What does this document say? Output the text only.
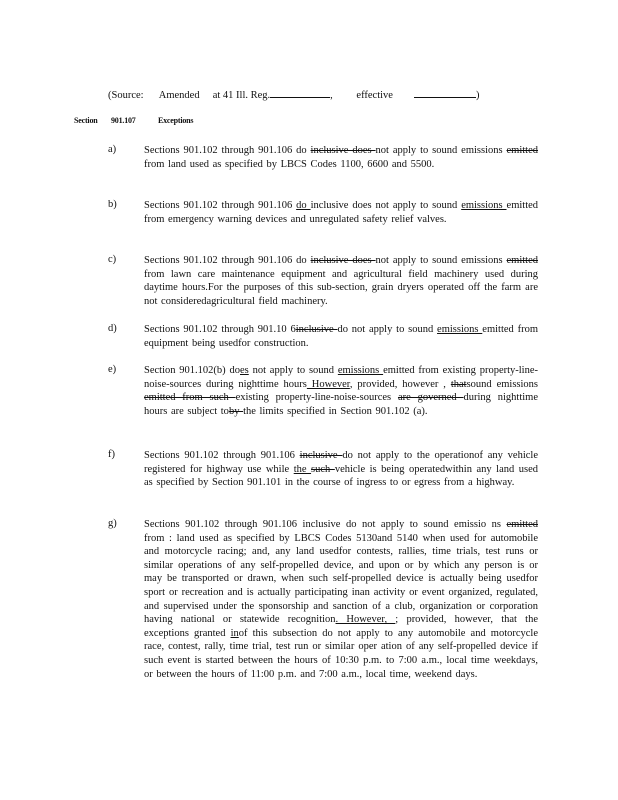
(Source: Amended at 41 Ill. Reg.	,         effective	)
Section 901.107	Exceptions
a)	Sections 901.102 through 901.106 do inclusive does not apply to sound emissions emitted from land used as specified by LBCS Codes 1100, 6600 and 5500.
b)	Sections 901.102 through 901.106 do inclusive does not apply to sound emissions emitted from emergency warning devices and unregulated safety relief valves.
c)	Sections 901.102 through 901.106 do inclusive does not apply to sound emissions emitted from lawn care maintenance equipment and agricultural field machinery used during daytime hours.For the purposes of this sub-section, grain dryers operated off the farm are not consideredagricultural field machinery.
d)	Sections 901.102 through 901.10 6inclusive do not apply to sound emissions emitted from equipment being usedfor construction.
e)	Section 901.102(b) does not apply to sound emissions emitted from existing property-line-noise-sources during nighttime hours However, provided, however , thatsound emissions emitted from such existing property-line-noise-sources are governed during nighttime hours are subject toby the limits specified in Section 901.102 (a).
f)	Sections 901.102 through 901.106 inclusive do not apply to the operationof any vehicle registered for highway use while the such vehicle is being operatedwithin any land used as specified by Section 901.101 in the course of ingress to or egress from a highway.
g)	Sections 901.102 through 901.106 inclusive do not apply to sound emissio ns emitted from : land used as specified by LBCS Codes 5130and 5140 when used for automobile and motorcycle racing; and, any land usedfor contests, rallies, time trials, test runs or similar operations of any self-propelled device, and upon or by which any person is or may be transported or drawn, when such self-propelled device is actually being usedfor sport or recreation and is actually participating inan activity or event organized, regulated, and supervised under the sponsorship and sanction of a club, organization or corporation having national or statewide recognition. However, ; provided, however, that the exceptions granted inof this subsection do not apply to any automobile and motorcycle race, contest, rally, time trial, test run or similar oper ation of any self-propelled device if such event is started between the hours of 10:30 p.m. to 7:00 a.m., local time weekdays, or between the hours of 11:00 p.m. and 7:00 a.m., local time, weekend days.
